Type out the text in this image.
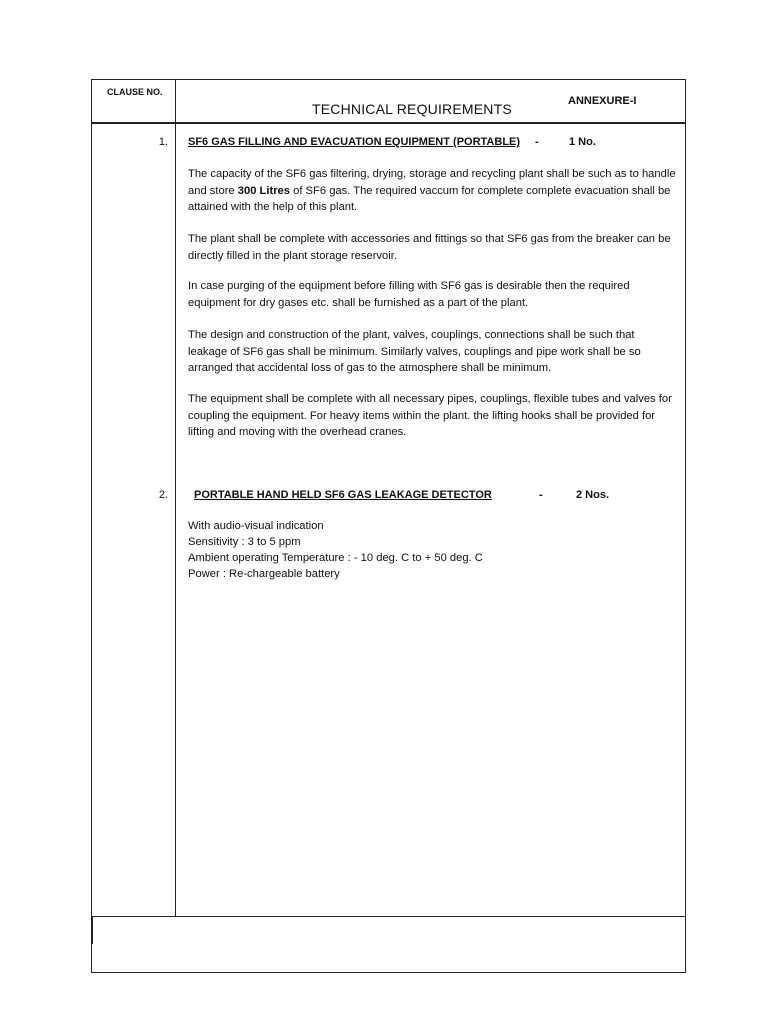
CLAUSE NO.
TECHNICAL REQUIREMENTS	ANNEXURE-I
1. SF6 GAS FILLING AND EVACUATION EQUIPMENT (PORTABLE) -	1 No.

The capacity of the SF6 gas filtering, drying, storage and recycling plant shall be such as to handle and store 300 Litres of SF6 gas. The required vaccum for complete complete evacuation shall be attained with the help of this plant.

The plant shall be complete with accessories and fittings so that SF6 gas from the breaker can be directly filled in the plant storage reservoir.

In case purging of the equipment before filling with SF6 gas is desirable then the required equipment for dry gases etc. shall be furnished as a part of the plant.

The design and construction of the plant, valves, couplings, connections shall be such that leakage of SF6 gas shall be minimum. Similarly valves, couplings and pipe work shall be so arranged that accidental loss of gas to the atmosphere shall be minimum.

The equipment shall be complete with all necessary pipes, couplings, flexible tubes and valves for coupling the equipment. For heavy items within the plant. the lifting hooks shall be provided for lifting and moving with the overhead cranes.

2. PORTABLE HAND HELD SF6 GAS LEAKAGE DETECTOR	-	2 Nos.
With audio-visual indication
Sensitivity : 3 to 5 ppm
Ambient operating Temperature : - 10 deg. C to + 50 deg. C
Power : Re-chargeable battery
